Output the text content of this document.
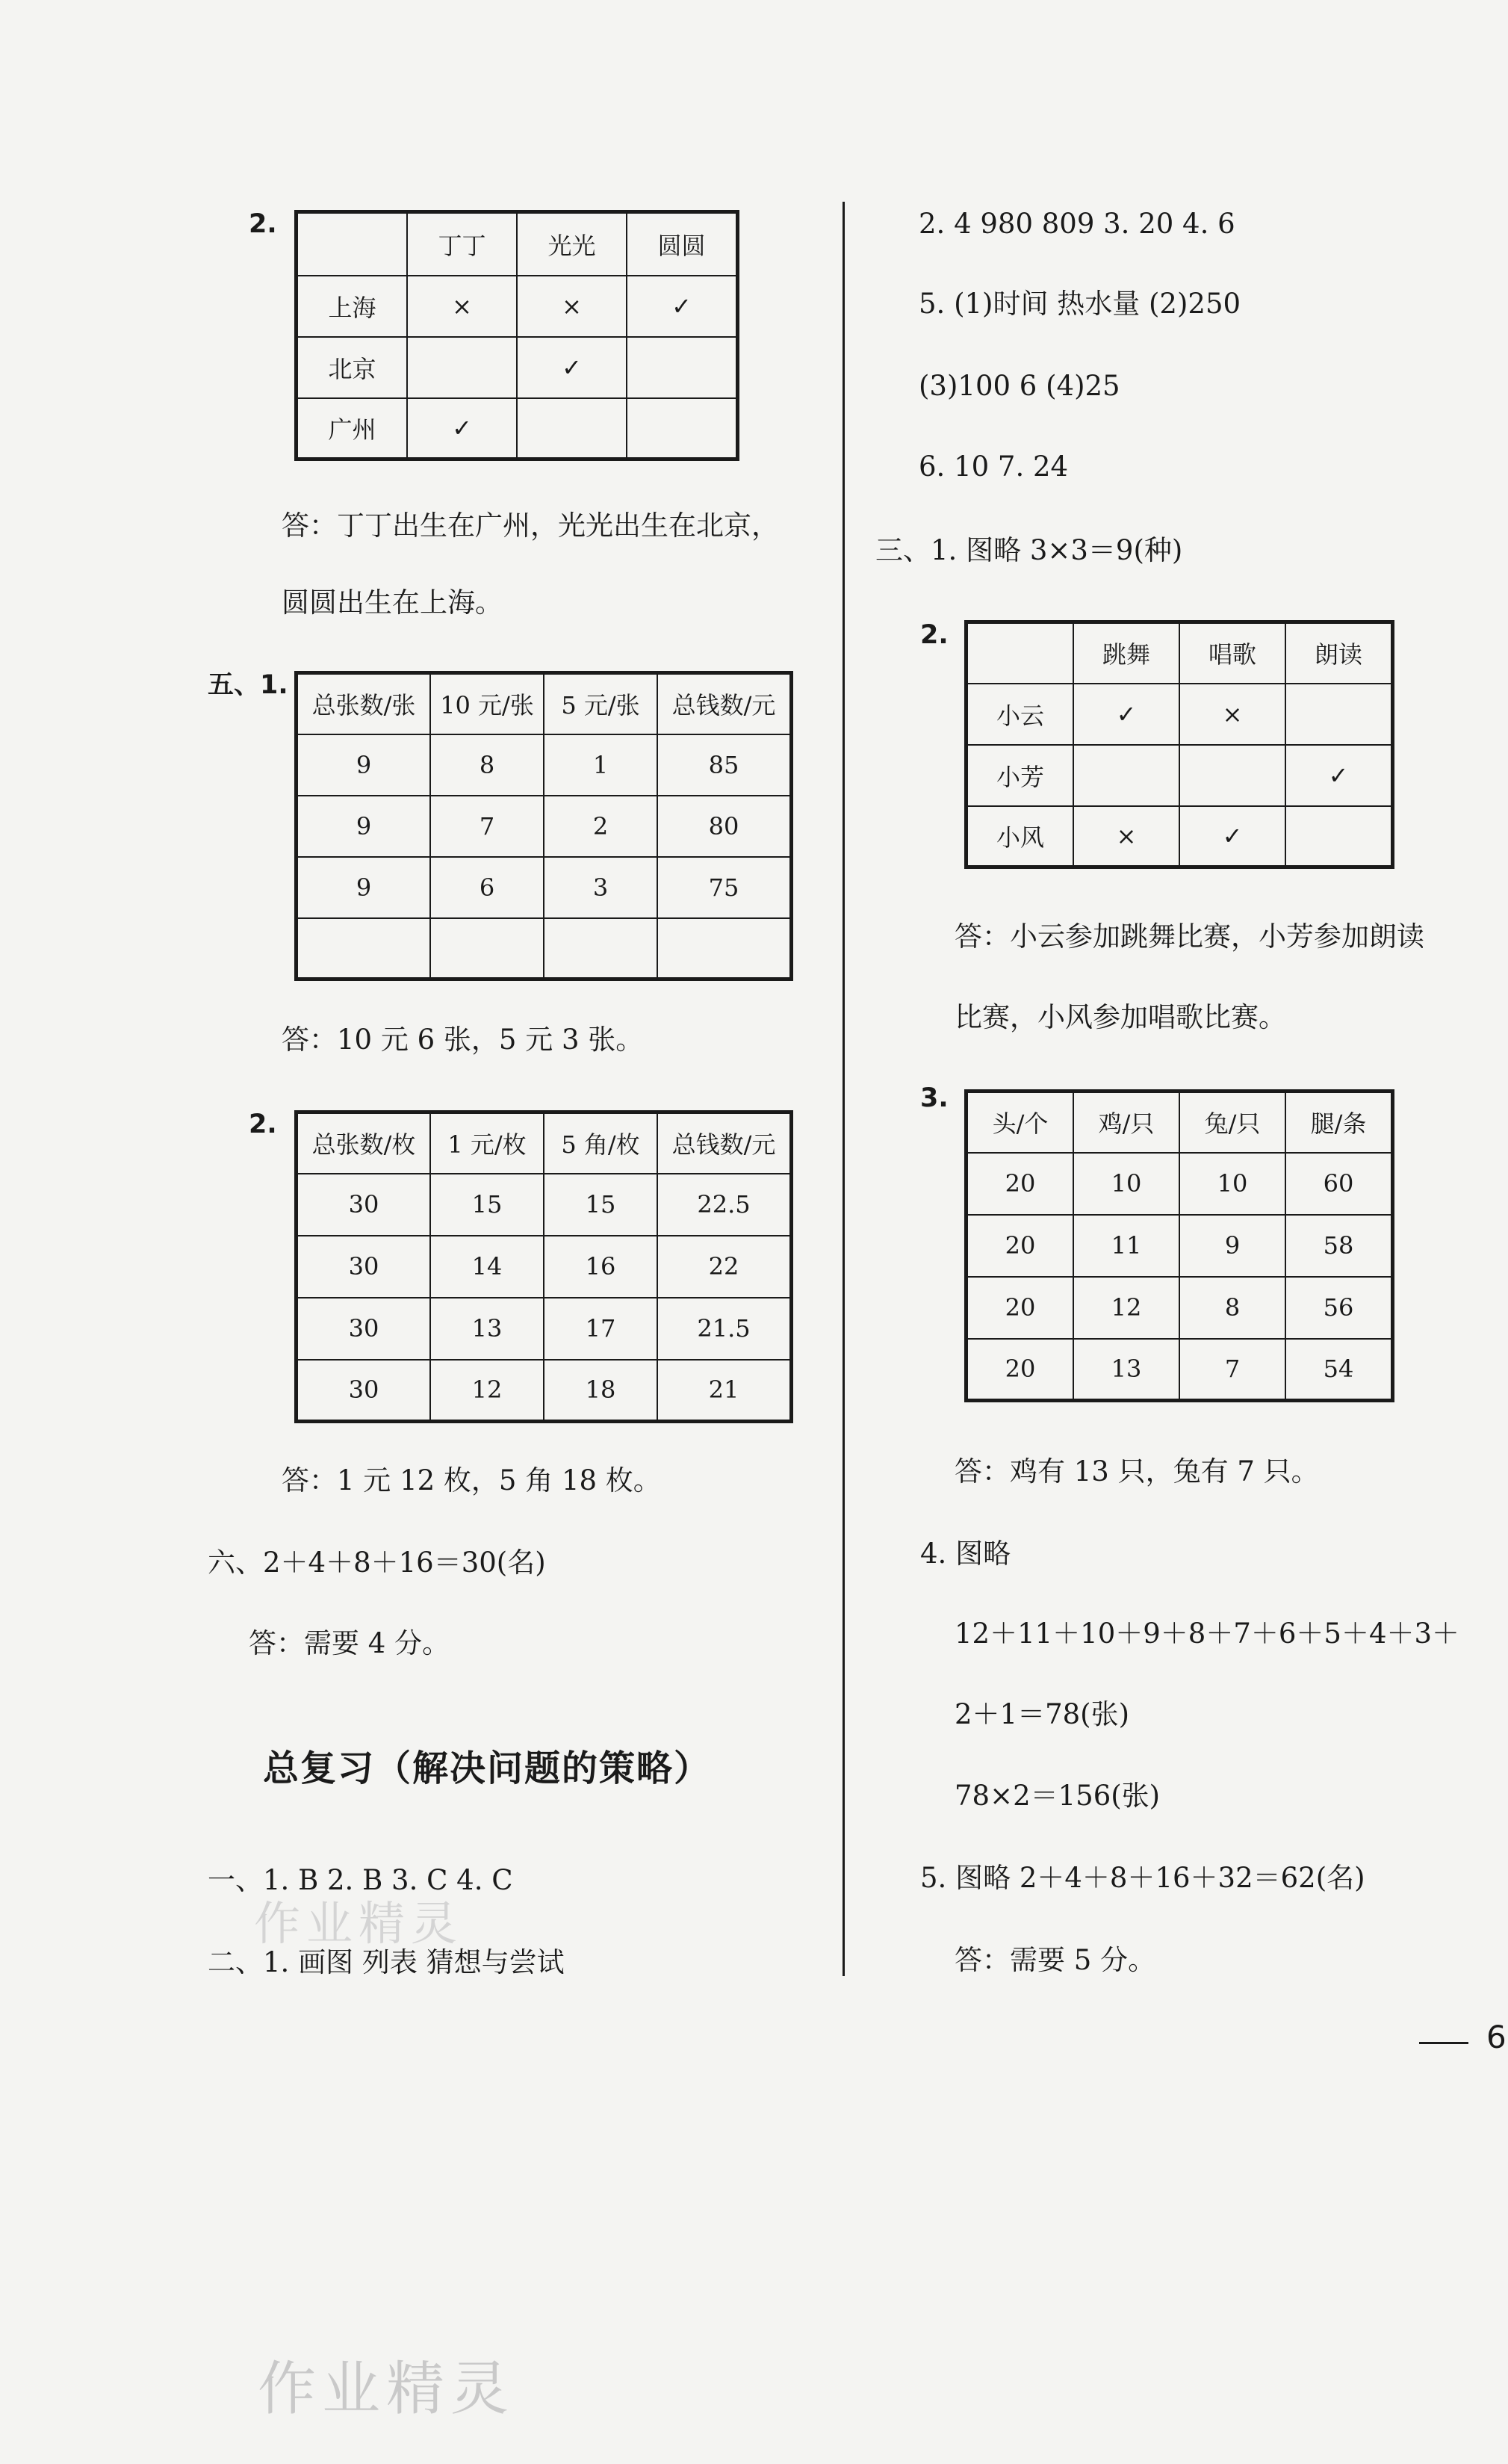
2.
	丁丁	光光	圆圆
上海	×	×	✓
北京		✓	
广州	✓		
答：丁丁出生在广州，光光出生在北京，
圆圆出生在上海。
五、1.
总张数/张	10 元/张	5 元/张	总钱数/元
9	8	1	85
9	7	2	80
9	6	3	75

答：10 元 6 张，5 元 3 张。
2.
总张数/枚	1 元/枚	5 角/枚	总钱数/元
30	15	15	22.5
30	14	16	22
30	13	17	21.5
30	12	18	21
答：1 元 12 枚，5 角 18 枚。
六、2＋4＋8＋16＝30(名)
答：需要 4 分。
总复习（解决问题的策略）
一、1. B 2. B 3. C 4. C
二、1. 画图 列表 猜想与尝试
2. 4 980 809 3. 20 4. 6
5. (1)时间 热水量 (2)250
(3)100 6 (4)25
6. 10 7. 24
三、1. 图略 3×3＝9(种)
2.
	跳舞	唱歌	朗读
小云	✓	×	
小芳			✓
小风	×	✓	
答：小云参加跳舞比赛，小芳参加朗读
比赛，小风参加唱歌比赛。
3.
头/个	鸡/只	兔/只	腿/条
20	10	10	60
20	11	9	58
20	12	8	56
20	13	7	54
答：鸡有 13 只，兔有 7 只。
4. 图略
12＋11＋10＋9＋8＋7＋6＋5＋4＋3＋
2＋1＝78(张)
78×2＝156(张)
5. 图略 2＋4＋8＋16＋32＝62(名)
答：需要 5 分。
6
作业精灵
作业精灵
